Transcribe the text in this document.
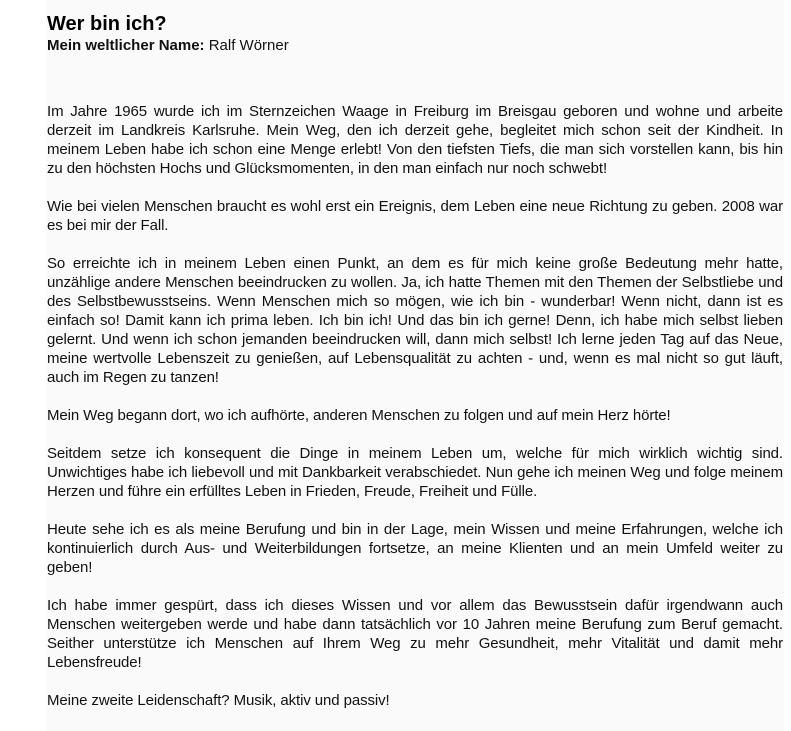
Wer bin ich?

Mein weltlicher Name: Ralf Wörner

Im Jahre 1965 wurde ich im Sternzeichen Waage in Freiburg im Breisgau geboren und wohne und arbeite derzeit im Landkreis Karlsruhe. Mein Weg, den ich derzeit gehe, begleitet mich schon seit der Kindheit. In meinem Leben habe ich schon eine Menge erlebt! Von den tiefsten Tiefs, die man sich vorstellen kann, bis hin zu den höchsten Hochs und Glücksmomenten, in den man einfach nur noch schwebt!

Wie bei vielen Menschen braucht es wohl erst ein Ereignis, dem Leben eine neue Richtung zu geben. 2008 war es bei mir der Fall.

So erreichte ich in meinem Leben einen Punkt, an dem es für mich keine große Bedeutung mehr hatte, unzählige andere Menschen beeindrucken zu wollen. Ja, ich hatte Themen mit den Themen der Selbstliebe und des Selbstbewusstseins. Wenn Menschen mich so mögen, wie ich bin - wunderbar! Wenn nicht, dann ist es einfach so! Damit kann ich prima leben. Ich bin ich! Und das bin ich gerne! Denn, ich habe mich selbst lieben gelernt. Und wenn ich schon jemanden beeindrucken will, dann mich selbst! Ich lerne jeden Tag auf das Neue, meine wertvolle Lebenszeit zu genießen, auf Lebensqualität zu achten - und, wenn es mal nicht so gut läuft, auch im Regen zu tanzen!

Mein Weg begann dort, wo ich aufhörte, anderen Menschen zu folgen und auf mein Herz hörte!

Seitdem setze ich konsequent die Dinge in meinem Leben um, welche für mich wirklich wichtig sind. Unwichtiges habe ich liebevoll und mit Dankbarkeit verabschiedet. Nun gehe ich meinen Weg und folge meinem Herzen und führe ein erfülltes Leben in Frieden, Freude, Freiheit und Fülle.

Heute sehe ich es als meine Berufung und bin in der Lage, mein Wissen und meine Erfahrungen, welche ich kontinuierlich durch Aus- und Weiterbildungen fortsetze, an meine Klienten und an mein Umfeld weiter zu geben!

Ich habe immer gespürt, dass ich dieses Wissen und vor allem das Bewusstsein dafür irgendwann auch Menschen weitergeben werde und habe dann tatsächlich vor 10 Jahren meine Berufung zum Beruf gemacht. Seither unterstütze ich Menschen auf Ihrem Weg zu mehr Gesundheit, mehr Vitalität und damit mehr Lebensfreude!

Meine zweite Leidenschaft? Musik, aktiv und passiv!
